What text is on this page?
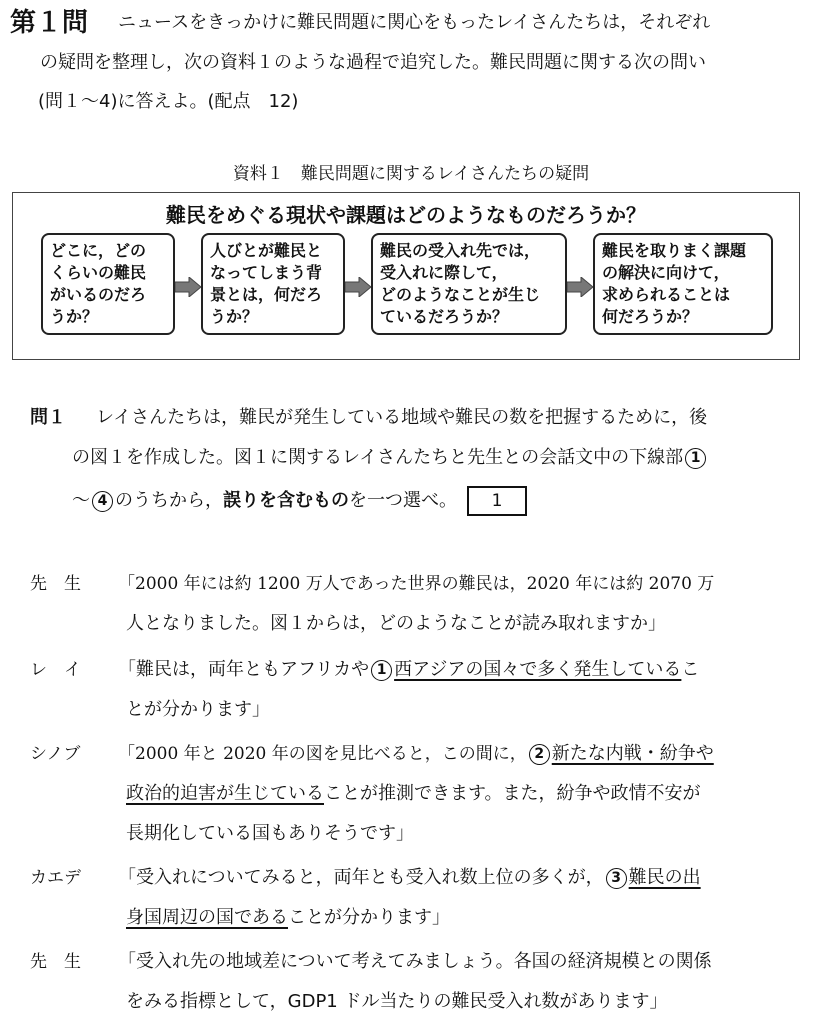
第１問 ニュースをきっかけに難民問題に関心をもったレイさんたちは，それぞれ
の疑問を整理し，次の資料１のような過程で追究した。難民問題に関する次の問い
(問１〜4)に答えよ。(配点　12)
資料１　難民問題に関するレイさんたちの疑問
難民をめぐる現状や課題はどのようなものだろうか？
どこに，どの
くらいの難民
がいるのだろ
うか？
人びとが難民と
なってしまう背
景とは，何だろ
うか？
難民の受入れ先では，
受入れに際して，
どのようなことが生じ
ているだろうか？
難民を取りまく課題
の解決に向けて，
求められることは
何だろうか？
問１ レイさんたちは，難民が発生している地域や難民の数を把握するために，後
の図１を作成した。図１に関するレイさんたちと先生との会話文中の下線部 1
〜 4 のうちから，誤りを含むものを一つ選べ。 1
先　生 「2000 年には約 1200 万人であった世界の難民は，2020 年には約 2070 万
人となりました。図１からは，どのようなことが読み取れますか」
レ　イ 「難民は，両年ともアフリカや 1 西アジアの国々で多く発生しているこ
とが分かります」
シノブ 「2000 年と 2020 年の図を見比べると，この間に， 2 新たな内戦・紛争や
政治的迫害が生じていることが推測できます。また，紛争や政情不安が
長期化している国もありそうです」
カエデ 「受入れについてみると，両年とも受入れ数上位の多くが， 3 難民の出
身国周辺の国であることが分かります」
先　生 「受入れ先の地域差について考えてみましょう。各国の経済規模との関係
をみる指標として，GDP1 ドル当たりの難民受入れ数があります」
